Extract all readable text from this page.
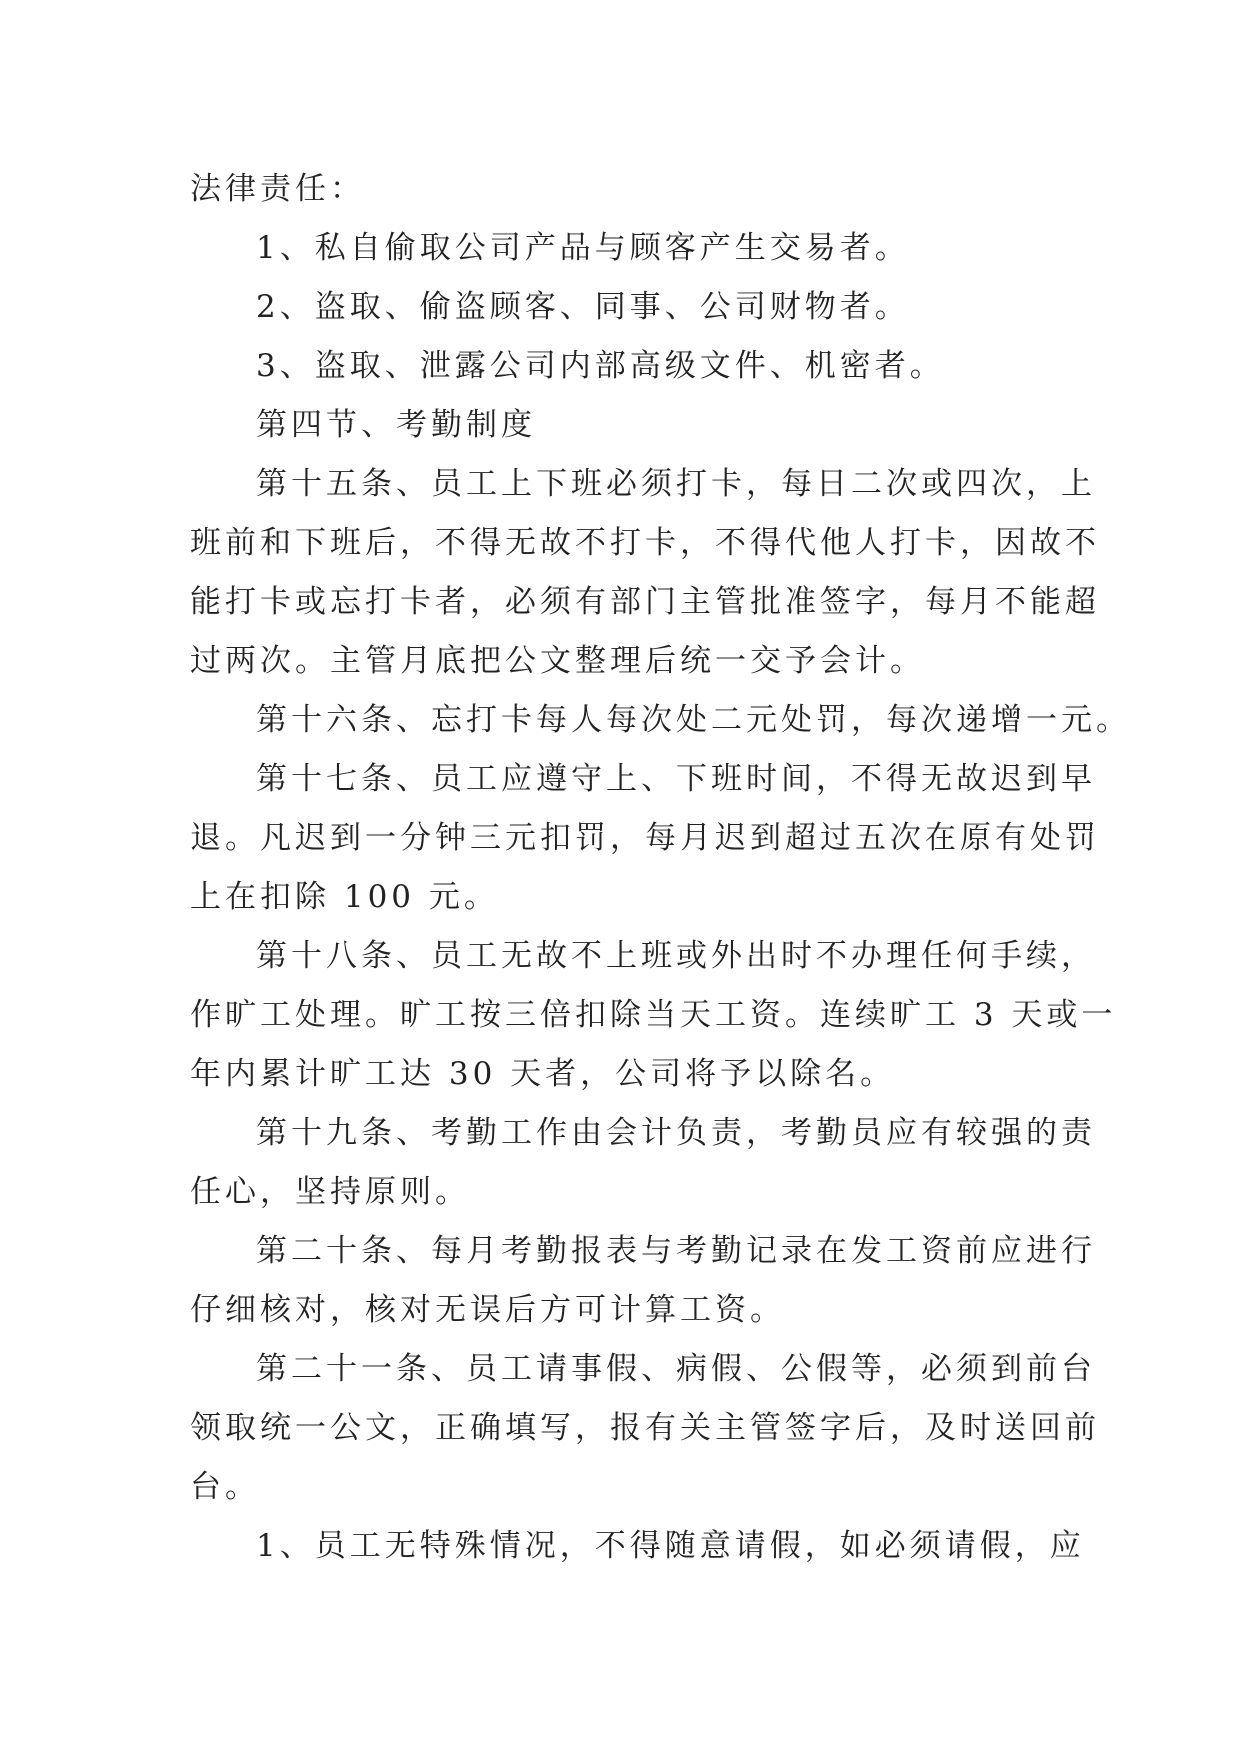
法律责任：
1、私自偷取公司产品与顾客产生交易者。
2、盗取、偷盗顾客、同事、公司财物者。
3、盗取、泄露公司内部高级文件、机密者。
第四节、考勤制度
第十五条、员工上下班必须打卡，每日二次或四次，上
班前和下班后，不得无故不打卡，不得代他人打卡，因故不
能打卡或忘打卡者，必须有部门主管批准签字，每月不能超
过两次。主管月底把公文整理后统一交予会计。
第十六条、忘打卡每人每次处二元处罚，每次递增一元。
第十七条、员工应遵守上、下班时间，不得无故迟到早
退。凡迟到一分钟三元扣罚，每月迟到超过五次在原有处罚
上在扣除 100 元。
第十八条、员工无故不上班或外出时不办理任何手续，
作旷工处理。旷工按三倍扣除当天工资。连续旷工 3 天或一
年内累计旷工达 30 天者，公司将予以除名。
第十九条、考勤工作由会计负责，考勤员应有较强的责
任心，坚持原则。
第二十条、每月考勤报表与考勤记录在发工资前应进行
仔细核对，核对无误后方可计算工资。
第二十一条、员工请事假、病假、公假等，必须到前台
领取统一公文，正确填写，报有关主管签字后，及时送回前
台。
1、员工无特殊情况，不得随意请假，如必须请假，应
